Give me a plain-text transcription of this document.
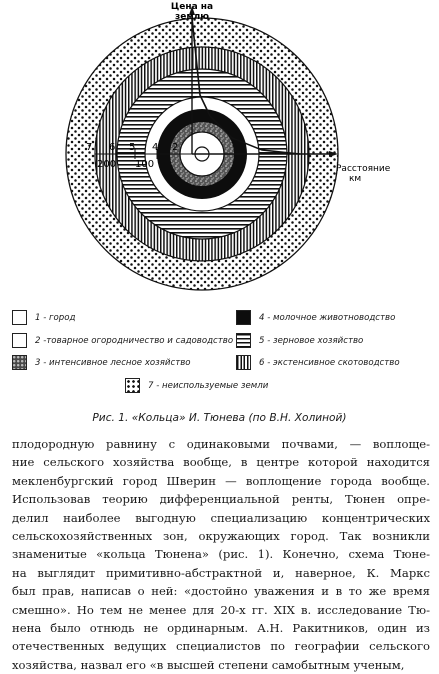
Цена на
землю
Расстояние
км
7 6 5 4 2
200 100
1 - город
2 -товарное огородничество и садоводство
3 - интенсивное лесное хозяйство
4 - молочное животноводство
5 - зерновое хозяйство
6 - экстенсивное скотоводство
7 - неиспользуемые земли
Рис. 1. «Кольца» И. Тюнева (по В.Н. Холиной)
плодородную равнину с одинаковыми почвами, — воплоще-
ние сельского хозяйства вообще, в центре которой находится
мекленбургский город Шверин — воплощение города вообще.
Использовав теорию дифференциальной ренты, Тюнен опре-
делил наиболее выгодную специализацию концентрических
сельскохозяйственных зон, окружающих город. Так возникли
знаменитые «кольца Тюнена» (рис. 1). Конечно, схема Тюне-
на выглядит примитивно-абстрактной и, наверное, К. Маркс
был прав, написав о ней: «достойно уважения и в то же время
смешно». Но тем не менее для 20-х гг. XIX в. исследование Тю-
нена было отнюдь не ординарным. А.Н. Ракитников, один из
отечественных ведущих специалистов по географии сельского
хозяйства, назвал его «в высшей степени самобытным ученым,
